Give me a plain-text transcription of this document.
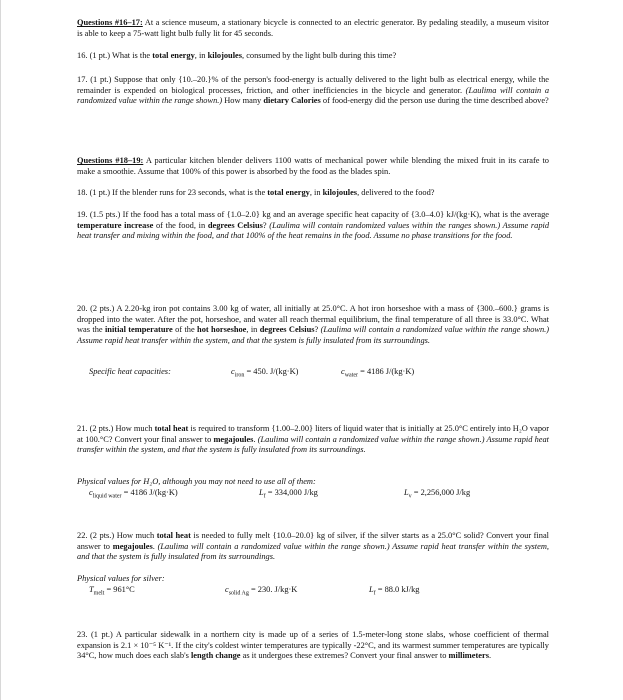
Questions #16–17: At a science museum, a stationary bicycle is connected to an electric generator. By pedaling steadily, a museum visitor is able to keep a 75-watt light bulb fully lit for 45 seconds.

16. (1 pt.) What is the total energy, in kilojoules, consumed by the light bulb during this time?

17. (1 pt.) Suppose that only {10.–20.}% of the person's food-energy is actually delivered to the light bulb as electrical energy, while the remainder is expended on biological processes, friction, and other inefficiencies in the bicycle and generator. (Laulima will contain a randomized value within the range shown.) How many dietary Calories of food-energy did the person use during the time described above?

Questions #18–19: A particular kitchen blender delivers 1100 watts of mechanical power while blending the mixed fruit in its carafe to make a smoothie. Assume that 100% of this power is absorbed by the food as the blades spin.

18. (1 pt.) If the blender runs for 23 seconds, what is the total energy, in kilojoules, delivered to the food?

19. (1.5 pts.) If the food has a total mass of {1.0–2.0} kg and an average specific heat capacity of {3.0–4.0} kJ/(kg·K), what is the average temperature increase of the food, in degrees Celsius? (Laulima will contain randomized values within the ranges shown.) Assume rapid heat transfer and mixing within the food, and that 100% of the heat remains in the food. Assume no phase transitions for the food.

20. (2 pts.) A 2.20-kg iron pot contains 3.00 kg of water, all initially at 25.0°C. A hot iron horseshoe with a mass of {300.–600.} grams is dropped into the water. After the pot, horseshoe, and water all reach thermal equilibrium, the final temperature of all three is 33.0°C. What was the initial temperature of the hot horseshoe, in degrees Celsius? (Laulima will contain a randomized value within the range shown.) Assume rapid heat transfer within the system, and that the system is fully insulated from its surroundings.

Specific heat capacities:	$c_{iron} = 450$. J/(kg·K)	$c_{water} = 4186$ J/(kg·K)

21. (2 pts.) How much total heat is required to transform {1.00–2.00} liters of liquid water that is initially at 25.0°C entirely into H₂O vapor at 100.°C? Convert your final answer to megajoules. (Laulima will contain a randomized value within the range shown.) Assume rapid heat transfer within the system, and that the system is fully insulated from its surroundings.

Physical values for H₂O, although you may not need to use all of them:
$c_{liquid water} = 4186$ J/(kg·K)	$L_f = 334,000$ J/kg	$L_v = 2,256,000$ J/kg

22. (2 pts.) How much total heat is needed to fully melt {10.0–20.0} kg of silver, if the silver starts as a 25.0°C solid? Convert your final answer to megajoules. (Laulima will contain a randomized value within the range shown.) Assume rapid heat transfer within the system, and that the system is fully insulated from its surroundings.

Physical values for silver:
$T_{melt} = 961^\circ C$	$c_{solid Ag} = 230$. J/kg·K	$L_f = 88.0$ kJ/kg

23. (1 pt.) A particular sidewalk in a northern city is made up of a series of 1.5-meter-long stone slabs, whose coefficient of thermal expansion is 2.1 × 10⁻⁵ K⁻¹. If the city's coldest winter temperatures are typically -22°C, and its warmest summer temperatures are typically 34°C, how much does each slab's length change as it undergoes these extremes? Convert your final answer to millimeters.
